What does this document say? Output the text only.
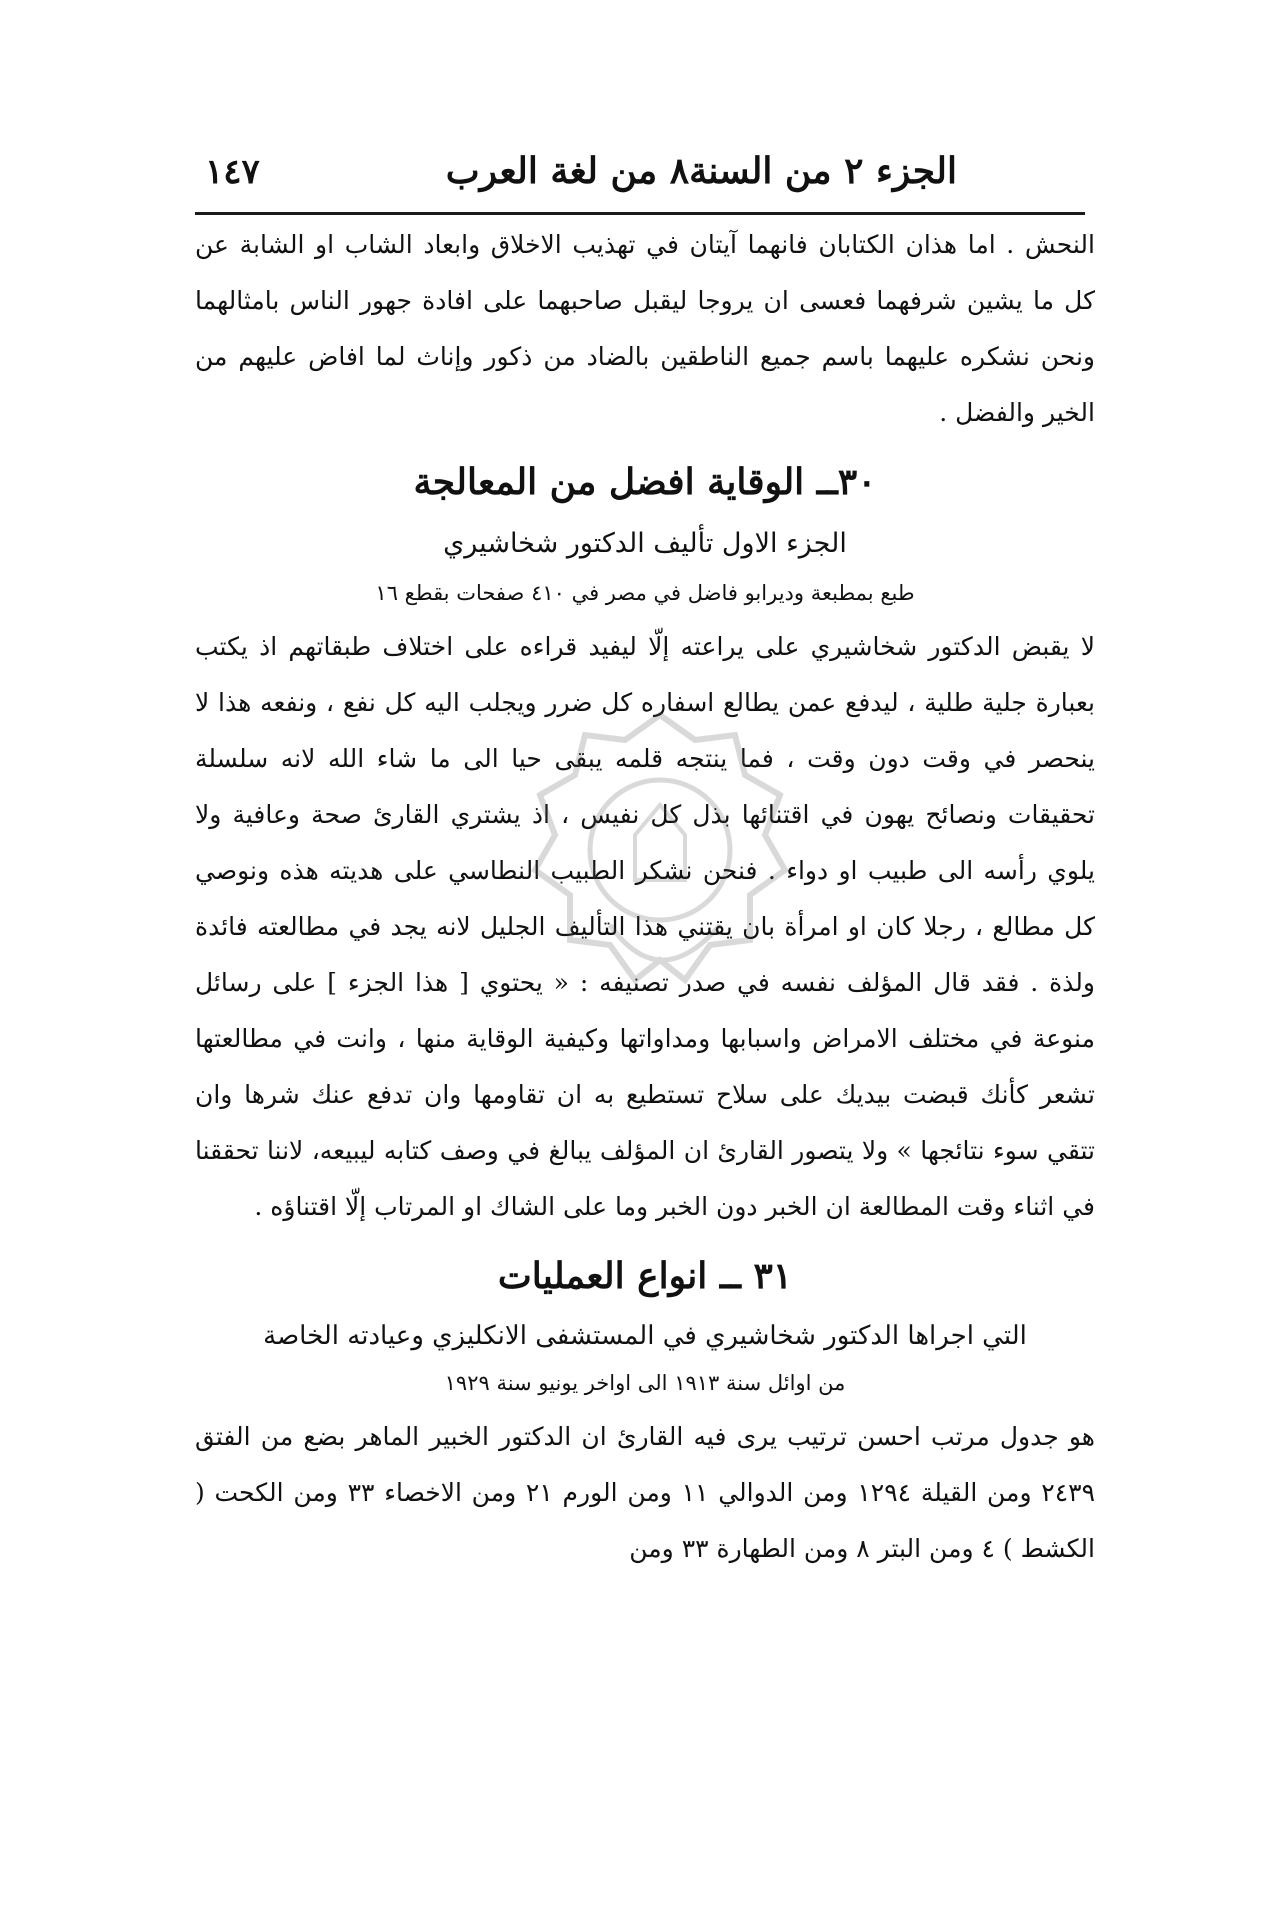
الجزء ٢ من السنة٨ من لغة العرب
١٤٧

النحش . اما هذان الكتابان فانهما آيتان في تهذيب الاخلاق وابعاد الشاب او الشابة عن كل ما يشين شرفهما فعسى ان يروجا ليقبل صاحبهما على افادة جهور الناس بامثالهما ونحن نشكره عليهما باسم جميع الناطقين بالضاد من ذكور وإناث لما افاض عليهم من الخير والفضل .

٣٠ــ الوقاية افضل من المعالجة

الجزء الاول تأليف الدكتور شخاشيري

طبع بمطبعة وديرابو فاضل في مصر في ٤١٠ صفحات بقطع ١٦

لا يقبض الدكتور شخاشيري على يراعته إلّا ليفيد قراءه على اختلاف طبقاتهم اذ يكتب بعبارة جلية طلية ، ليدفع عمن يطالع اسفاره كل ضرر ويجلب اليه كل نفع ، ونفعه هذا لا ينحصر في وقت دون وقت ، فما ينتجه قلمه يبقى حيا الى ما شاء الله لانه سلسلة تحقيقات ونصائح يهون في اقتنائها بذل كل نفيس ، اذ يشتري القارئ صحة وعافية ولا يلوي رأسه الى طبيب او دواء . فنحن نشكر الطبيب النطاسي على هديته هذه ونوصي كل مطالع ، رجلا كان او امرأة بان يقتني هذا التأليف الجليل لانه يجد في مطالعته فائدة ولذة . فقد قال المؤلف نفسه في صدر تصنيفه : « يحتوي [ هذا الجزء ] على رسائل منوعة في مختلف الامراض واسبابها ومداواتها وكيفية الوقاية منها ، وانت في مطالعتها تشعر كأنك قبضت بيديك على سلاح تستطيع به ان تقاومها وان تدفع عنك شرها وان تتقي سوء نتائجها » ولا يتصور القارئ ان المؤلف يبالغ في وصف كتابه ليبيعه، لاننا تحققنا في اثناء وقت المطالعة ان الخبر دون الخبر وما على الشاك او المرتاب إلّا اقتناؤه .

٣١ ــ انواع العمليات

التي اجراها الدكتور شخاشيري في المستشفى الانكليزي وعيادته الخاصة

من اوائل سنة ١٩١٣ الى اواخر يونيو سنة ١٩٢٩

هو جدول مرتب احسن ترتيب يرى فيه القارئ ان الدكتور الخبير الماهر بضع من الفتق ٢٤٣٩ ومن القيلة ١٢٩٤ ومن الدوالي ١١ ومن الورم ٢١ ومن الاخصاء ٣٣ ومن الكحت ( الكشط ) ٤ ومن البتر ٨ ومن الطهارة ٣٣ ومن
